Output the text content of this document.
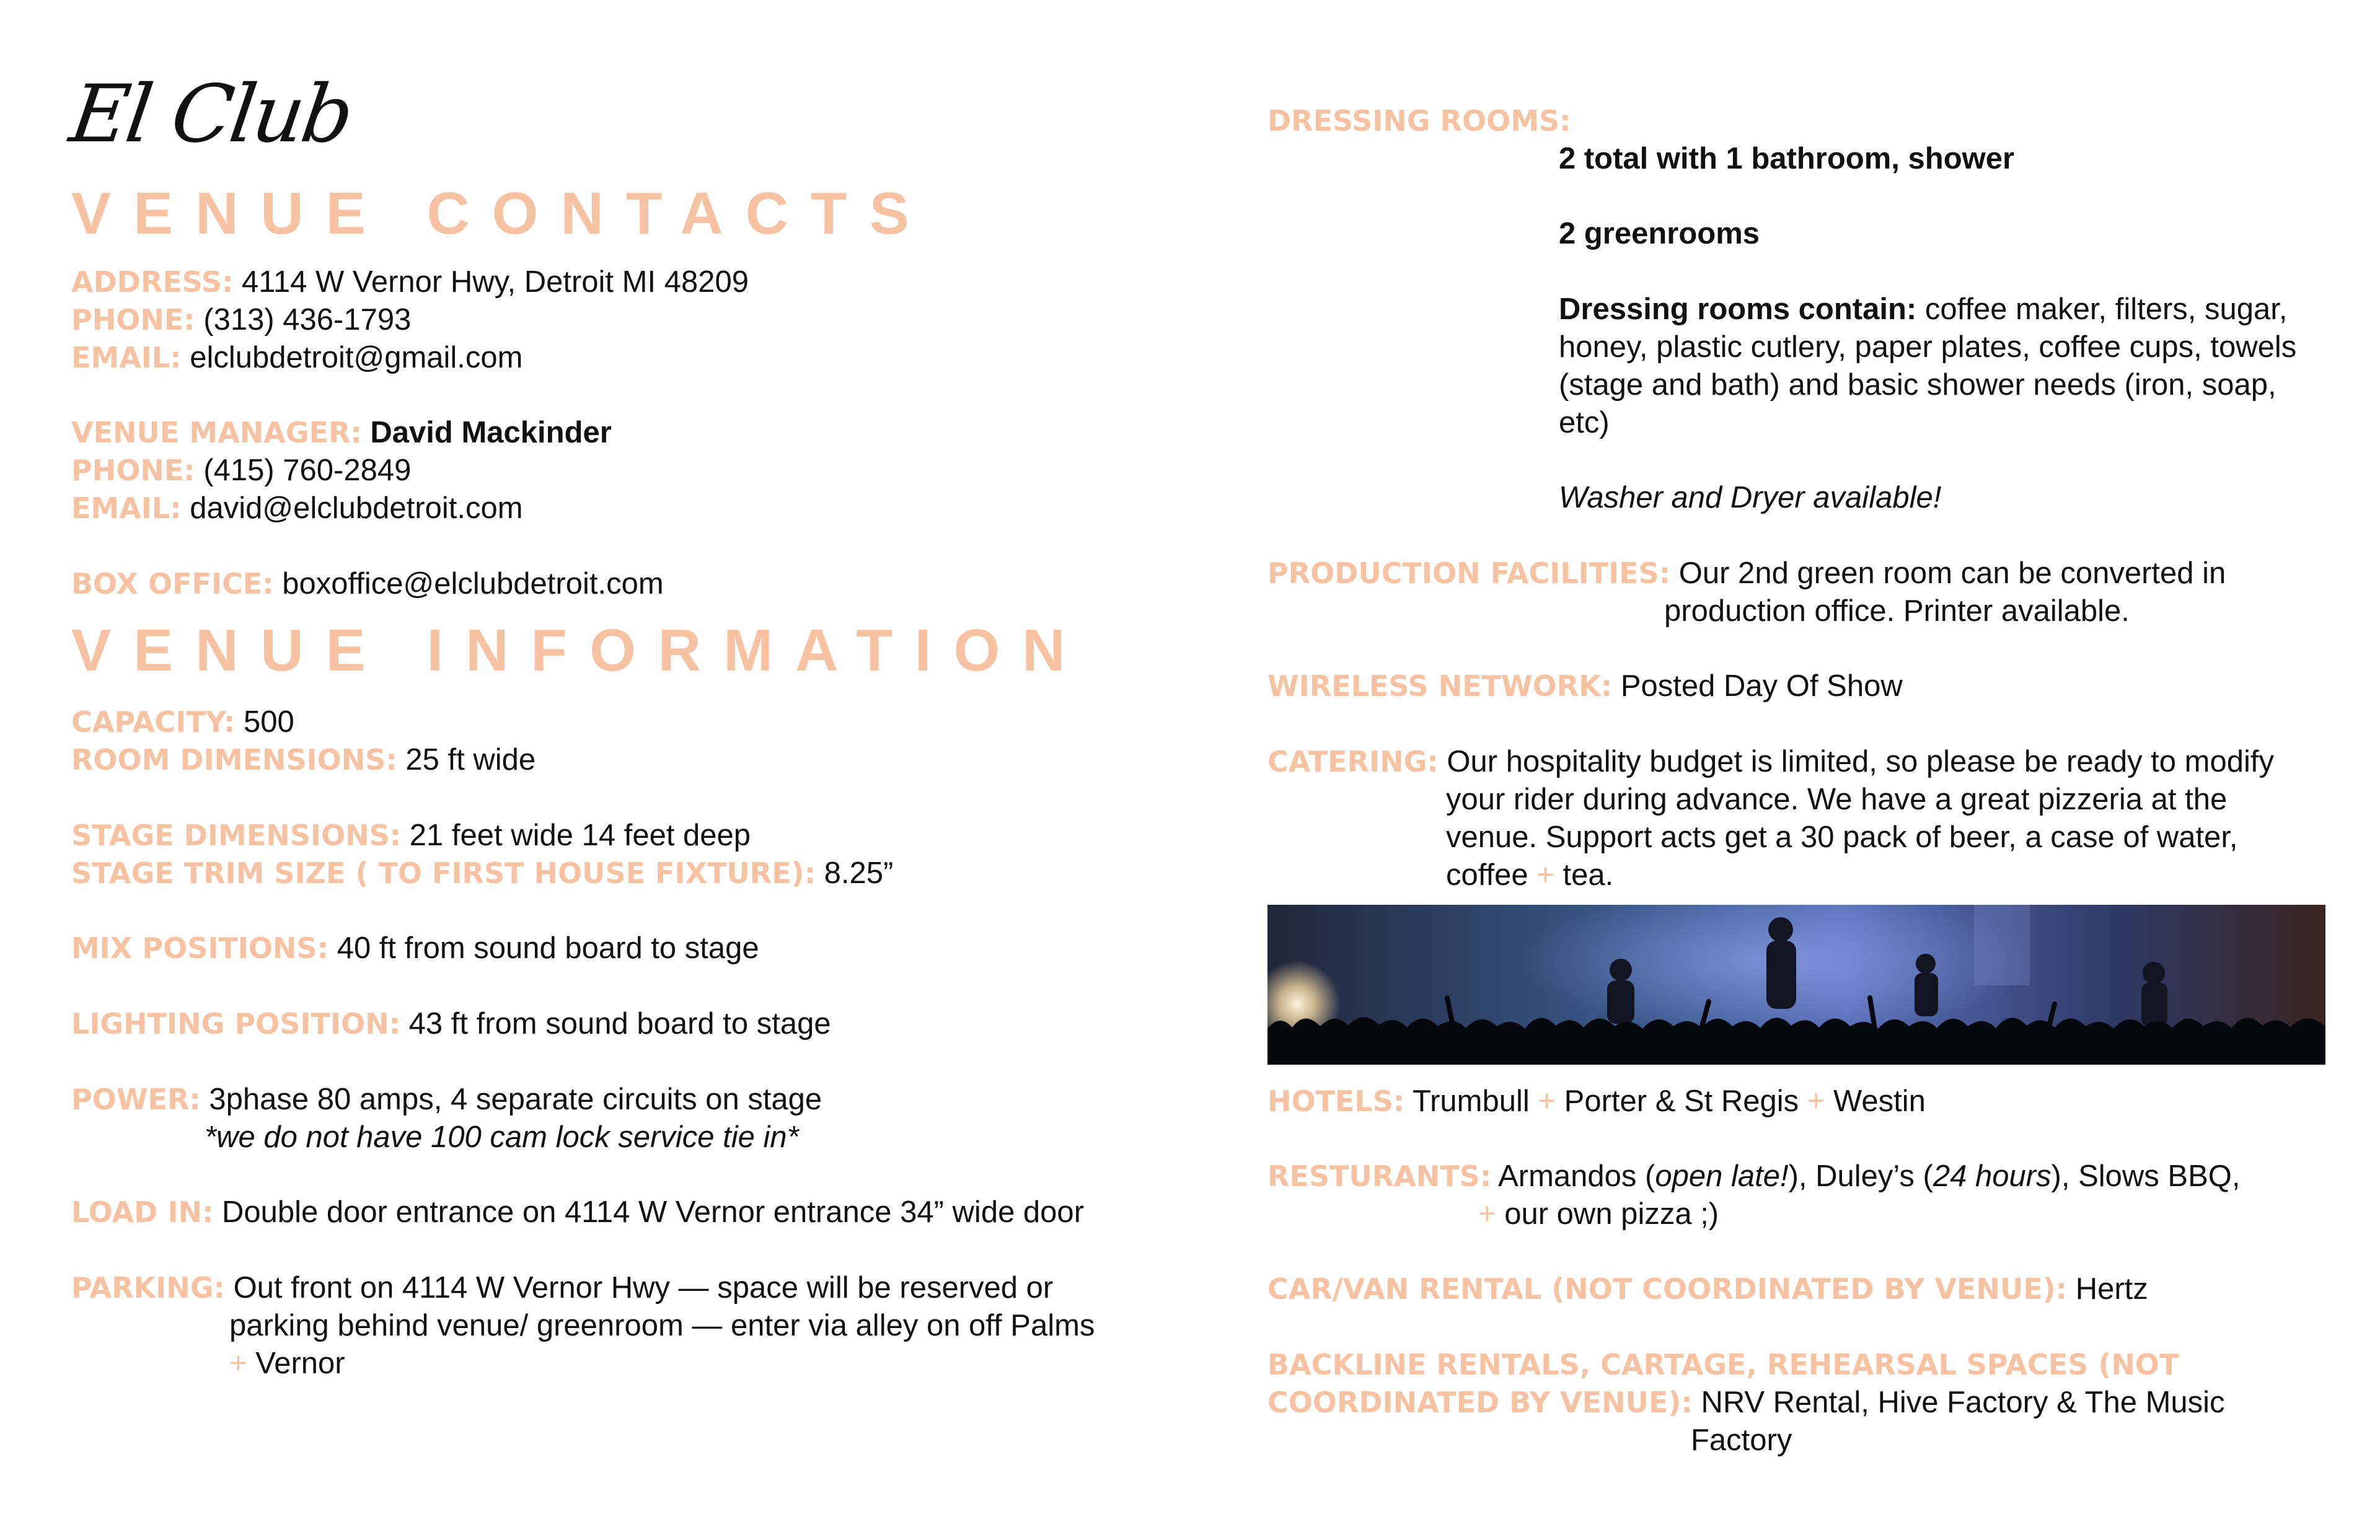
El Club
VENUE CONTACTS
ADDRESS: 4114 W Vernor Hwy, Detroit MI 48209
PHONE: (313) 436-1793
EMAIL: elclubdetroit@gmail.com
VENUE MANAGER: David Mackinder
PHONE: (415) 760-2849
EMAIL: david@elclubdetroit.com
BOX OFFICE: boxoffice@elclubdetroit.com
VENUE INFORMATION
CAPACITY: 500
ROOM DIMENSIONS: 25 ft wide
STAGE DIMENSIONS: 21 feet wide 14 feet deep
STAGE TRIM SIZE ( TO FIRST HOUSE FIXTURE): 8.25”
MIX POSITIONS: 40 ft from sound board to stage
LIGHTING POSITION: 43 ft from sound board to stage
POWER: 3phase 80 amps, 4 separate circuits on stage
*we do not have 100 cam lock service tie in*
LOAD IN: Double door entrance on 4114 W Vernor entrance 34” wide door
PARKING: Out front on 4114 W Vernor Hwy — space will be reserved or
parking behind venue/ greenroom — enter via alley on off Palms
+ Vernor
DRESSING ROOMS:
2 total with 1 bathroom, shower
2 greenrooms
Dressing rooms contain: coffee maker, filters, sugar,
honey, plastic cutlery, paper plates, coffee cups, towels
(stage and bath) and basic shower needs (iron, soap,
etc)
Washer and Dryer available!
PRODUCTION FACILITIES: Our 2nd green room can be converted in
production office. Printer available.
WIRELESS NETWORK: Posted Day Of Show
CATERING: Our hospitality budget is limited, so please be ready to modify
your rider during advance. We have a great pizzeria at the
venue. Support acts get a 30 pack of beer, a case of water,
coffee + tea.
HOTELS: Trumbull + Porter & St Regis + Westin
RESTURANTS: Armandos (open late!), Duley’s (24 hours), Slows BBQ,
+ our own pizza ;)
CAR/VAN RENTAL (NOT COORDINATED BY VENUE): Hertz
BACKLINE RENTALS, CARTAGE, REHEARSAL SPACES (NOT
COORDINATED BY VENUE): NRV Rental, Hive Factory & The Music
Factory
